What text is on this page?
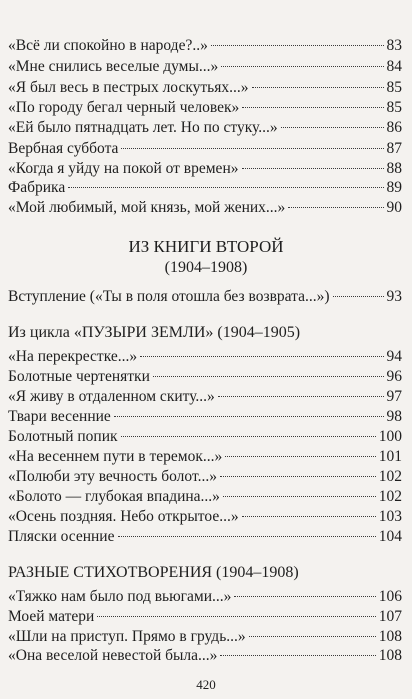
«Всё ли спокойно в народе?..»	83
«Мне снились веселые думы...»	84
«Я был весь в пестрых лоскутьях...»	85
«По городу бегал черный человек»	85
«Ей было пятнадцать лет. Но по стуку...»	86
Вербная суббота	87
«Когда я уйду на покой от времен»	88
Фабрика	89
«Мой любимый, мой князь, мой жених...»	90
ИЗ КНИГИ ВТОРОЙ
(1904–1908)
Вступление («Ты в поля отошла без возврата...»)	93
Из цикла «ПУЗЫРИ ЗЕМЛИ» (1904–1905)
«На перекрестке...»	94
Болотные чертенятки	96
«Я живу в отдаленном скиту...»	97
Твари весенние	98
Болотный попик	100
«На весеннем пути в теремок...»	101
«Полюби эту вечность болот...»	102
«Болото — глубокая впадина...»	102
«Осень поздняя. Небо открытое...»	103
Пляски осенние	104
РАЗНЫЕ СТИХОТВОРЕНИЯ (1904–1908)
«Тяжко нам было под вьюгами...»	106
Моей матери	107
«Шли на приступ. Прямо в грудь...»	108
«Она веселой невестой была...»	108
420
